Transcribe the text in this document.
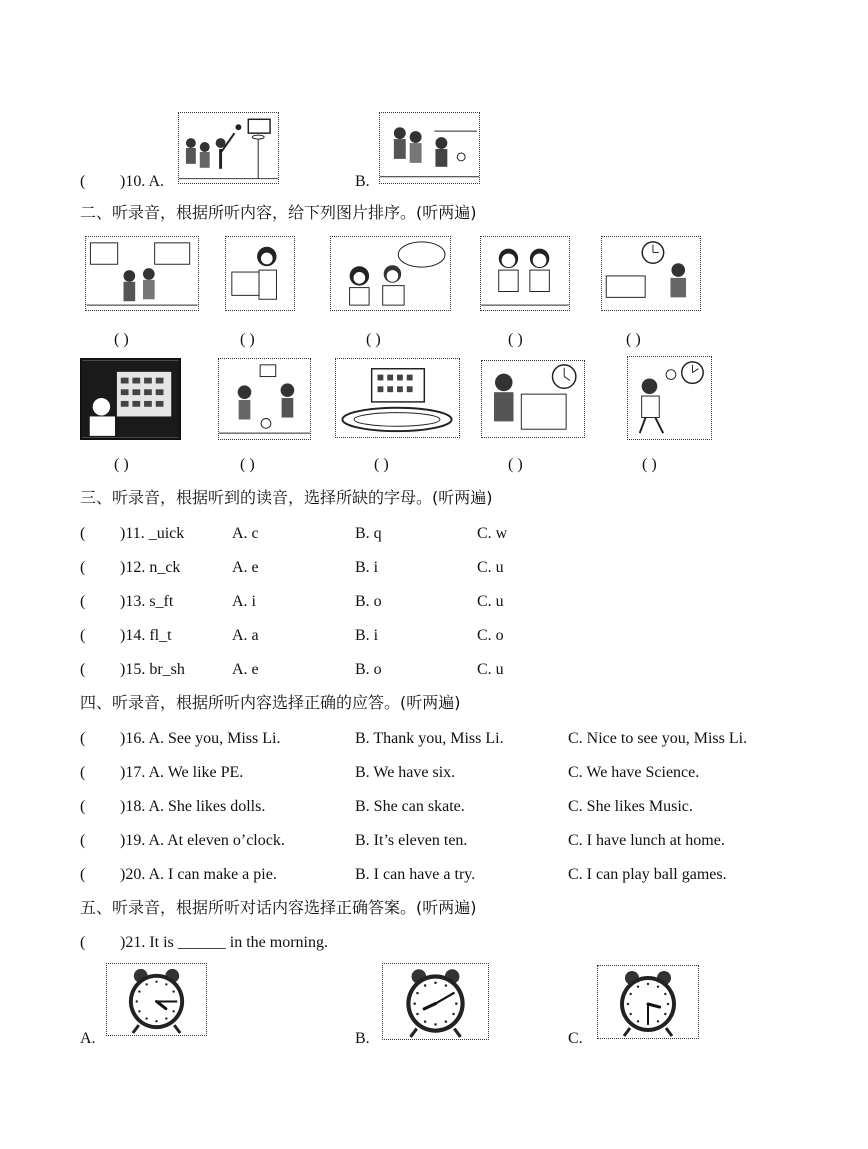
( )10. A.	B.
二、听录音，根据所听内容，给下列图片排序。(听两遍)
( )	( )	( )	( )	( )
( )	( )	( )	( )	( )
三、听录音，根据听到的读音，选择所缺的字母。(听两遍)
( )11. _uick	A. c	B. q	C. w
( )12. n_ck	A. e	B. i	C. u
( )13. s_ft	A. i	B. o	C. u
( )14. fl_t	A. a	B. i	C. o
( )15. br_sh	A. e	B. o	C. u
四、听录音，根据所听内容选择正确的应答。(听两遍)
( )16. A. See you, Miss Li.	B. Thank you, Miss Li.	C. Nice to see you, Miss Li.
( )17. A. We like PE.	B. We have six.	C. We have Science.
( )18. A. She likes dolls.	B. She can skate.	C. She likes Music.
( )19. A. At eleven o’clock.	B. It’s eleven ten.	C. I have lunch at home.
( )20. A. I can make a pie.	B. I can have a try.	C. I can play ball games.
五、听录音，根据所听对话内容选择正确答案。(听两遍)
( )21. It is ______ in the morning.
A.	B.	C.
